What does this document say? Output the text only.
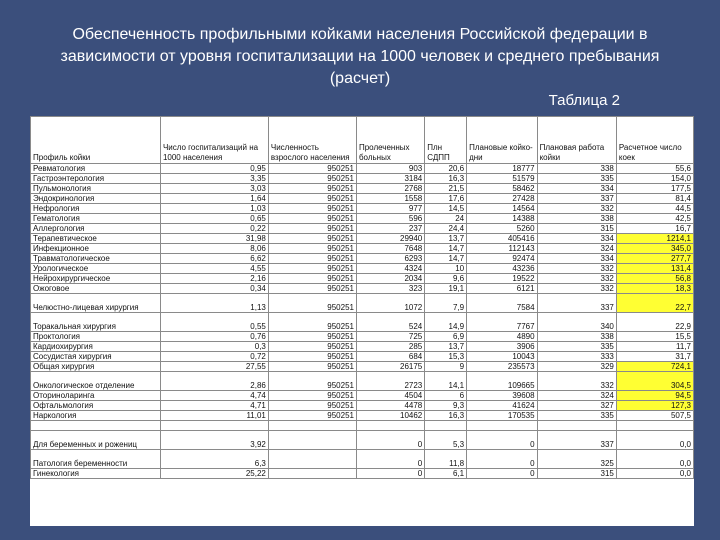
Обеспеченность профильными койками населения Российской федерации в зависимости от уровня госпитализации на 1000 человек и среднего пребывания (расчет)
Таблица 2
Профиль койки	Число госпитализаций на 1000 населения	Численность взрослого населения	Пролеченных больных	Плн СДПП	Плановые койко-дни	Плановая работа койки	Расчетное число коек
Ревматология	0,95	950251	903	20,6	18777	338	55,6
Гастроэнтерология	3,35	950251	3184	16,3	51579	335	154,0
Пульмонология	3,03	950251	2768	21,5	58462	334	177,5
Эндокринология	1,64	950251	1558	17,6	27428	337	81,4
Нефрология	1,03	950251	977	14,5	14564	332	44,5
Гематология	0,65	950251	596	24	14388	338	42,5
Аллергология	0,22	950251	237	24,4	5260	315	16,7
Терапевтическое	31,98	950251	29940	13,7	405416	334	1214,1
Инфекционное	8,06	950251	7648	14,7	112143	324	345,0
Травматологическое	6,62	950251	6293	14,7	92474	334	277,7
Урологическое	4,55	950251	4324	10	43236	332	131,4
Нейрохирургическое	2,16	950251	2034	9,6	19522	332	56,8
Ожоговое	0,34	950251	323	19,1	6121	332	18,3
Челюстно-лицевая хирургия	1,13	950251	1072	7,9	7584	337	22,7
Торакальная хирургия	0,55	950251	524	14,9	7767	340	22,9
Проктология	0,76	950251	725	6,9	4890	338	15,5
Кардиохирургия	0,3	950251	285	13,7	3906	335	11,7
Сосудистая хирургия	0,72	950251	684	15,3	10043	333	31,7
Общая хирургия	27,55	950251	26175	9	235573	329	724,1
Онкологическое отделение	2,86	950251	2723	14,1	109665	332	304,5
Оториноларинга	4,74	950251	4504	6	39608	324	94,5
Офтальмология	4,71	950251	4478	9,3	41624	327	127,3
Наркология	11,01	950251	10462	16,3	170535	335	507,5

Для беременных и рожениц	3,92		0	5,3	0	337	0,0
Патология беременности	6,3		0	11,8	0	325	0,0
Гинекология	25,22		0	6,1	0	315	0,0
